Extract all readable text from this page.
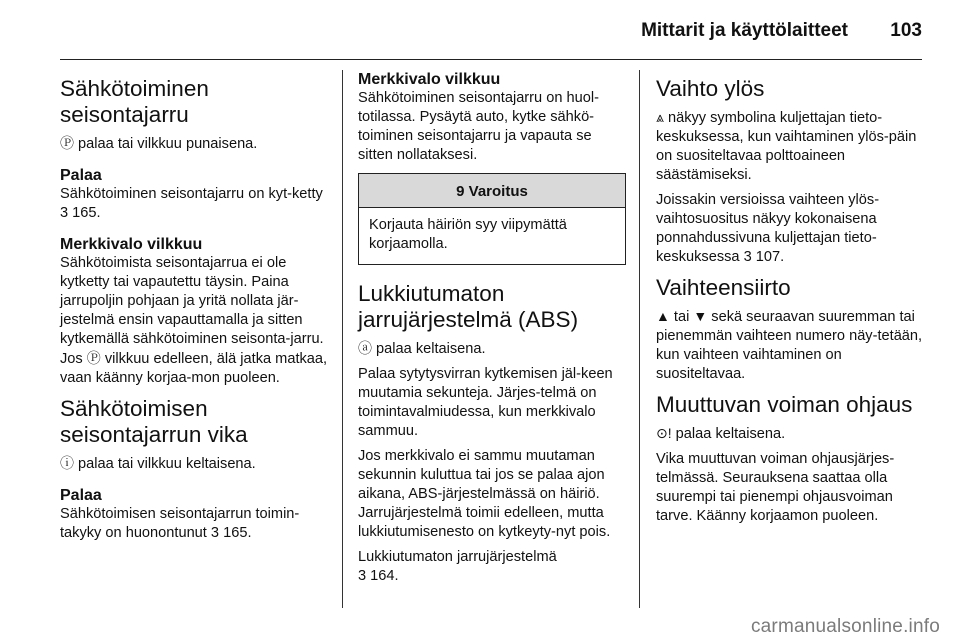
Mittarit ja käyttölaitteet 103
Sähkötoiminen seisontajarru

Ⓟ palaa tai vilkkuu punaisena.

Palaa

Sähkötoiminen seisontajarru on kyt-ketty 3 165.

Merkkivalo vilkkuu

Sähkötoimista seisontajarrua ei ole kytketty tai vapautettu täysin. Paina jarrupoljin pohjaan ja yritä nollata jär-jestelmä ensin vapauttamalla ja sitten kytkemällä sähkötoiminen seisonta-jarru. Jos Ⓟ vilkkuu edelleen, älä jatka matkaa, vaan käänny korjaa-mon puoleen.

Sähkötoimisen seisontajarrun vika

ⓘ palaa tai vilkkuu keltaisena.

Palaa

Sähkötoimisen seisontajarrun toimin-takyky on huonontunut 3 165.

Merkkivalo vilkkuu

Sähkötoiminen seisontajarru on huol-totilassa. Pysäytä auto, kytke sähkö-toiminen seisontajarru ja vapauta se sitten nollataksesi.

9 Varoitus
Korjauta häiriön syy viipymättä korjaamolla.
Lukkiutumaton jarrujärjestelmä (ABS)

ⓐ palaa keltaisena.

Palaa sytytysvirran kytkemisen jäl-keen muutamia sekunteja. Järjes-telmä on toimintavalmiudessa, kun merkkivalo sammuu.

Jos merkkivalo ei sammu muutaman sekunnin kuluttua tai jos se palaa ajon aikana, ABS-järjestelmässä on häiriö. Jarrujärjestelmä toimii edelleen, mutta lukkiutumisenesto on kytkeyty-nyt pois.

Lukkiutumaton jarrujärjestelmä
3 164.

Vaihto ylös

⩓ näkyy symbolina kuljettajan tieto-keskuksessa, kun vaihtaminen ylös-päin on suositeltavaa polttoaineen säästämiseksi.

Joissakin versioissa vaihteen ylös-vaihtosuositus näkyy kokonaisena ponnahdussivuna kuljettajan tieto-keskuksessa 3 107.

Vaihteensiirto

▲ tai ▼ sekä seuraavan suuremman tai pienemmän vaihteen numero näy-tetään, kun vaihteen vaihtaminen on suositeltavaa.

Muuttuvan voiman ohjaus

⊙! palaa keltaisena.

Vika muuttuvan voiman ohjausjärjes-telmässä. Seurauksena saattaa olla suurempi tai pienempi ohjausvoiman tarve. Käänny korjaamon puoleen.

carmanualsonline.info
